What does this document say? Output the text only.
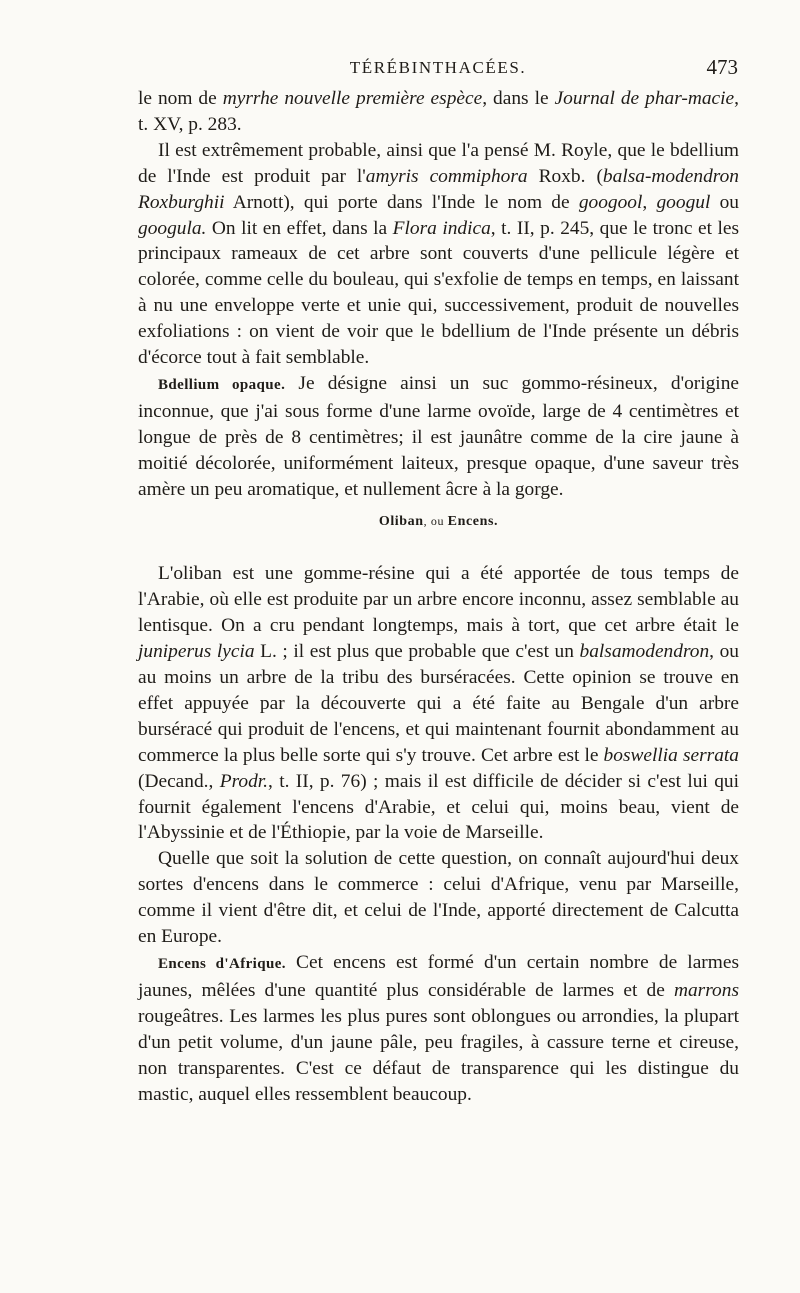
TÉRÉBINTHACÉES.	473

le nom de myrrhe nouvelle première espèce, dans le Journal de phar-macie, t. XV, p. 283.

Il est extrêmement probable, ainsi que l'a pensé M. Royle, que le bdellium de l'Inde est produit par l'amyris commiphora Roxb. (balsa-modendron Roxburghii Arnott), qui porte dans l'Inde le nom de googool, googul ou googula. On lit en effet, dans la Flora indica, t. II, p. 245, que le tronc et les principaux rameaux de cet arbre sont couverts d'une pellicule légère et colorée, comme celle du bouleau, qui s'exfolie de temps en temps, en laissant à nu une enveloppe verte et unie qui, successivement, produit de nouvelles exfoliations : on vient de voir que le bdellium de l'Inde présente un débris d'écorce tout à fait semblable.

Bdellium opaque. Je désigne ainsi un suc gommo-résineux, d'origine inconnue, que j'ai sous forme d'une larme ovoïde, large de 4 centimètres et longue de près de 8 centimètres; il est jaunâtre comme de la cire jaune à moitié décolorée, uniformément laiteux, presque opaque, d'une saveur très amère un peu aromatique, et nullement âcre à la gorge.

Oliban, ou Encens.

L'oliban est une gomme-résine qui a été apportée de tous temps de l'Arabie, où elle est produite par un arbre encore inconnu, assez semblable au lentisque. On a cru pendant longtemps, mais à tort, que cet arbre était le juniperus lycia L. ; il est plus que probable que c'est un balsamodendron, ou au moins un arbre de la tribu des burséracées. Cette opinion se trouve en effet appuyée par la découverte qui a été faite au Bengale d'un arbre burséracé qui produit de l'encens, et qui maintenant fournit abondamment au commerce la plus belle sorte qui s'y trouve. Cet arbre est le boswellia serrata (Decand., Prodr., t. II, p. 76) ; mais il est difficile de décider si c'est lui qui fournit également l'encens d'Arabie, et celui qui, moins beau, vient de l'Abyssinie et de l'Éthiopie, par la voie de Marseille.

Quelle que soit la solution de cette question, on connaît aujourd'hui deux sortes d'encens dans le commerce : celui d'Afrique, venu par Marseille, comme il vient d'être dit, et celui de l'Inde, apporté directement de Calcutta en Europe.

Encens d'Afrique. Cet encens est formé d'un certain nombre de larmes jaunes, mêlées d'une quantité plus considérable de larmes et de marrons rougeâtres. Les larmes les plus pures sont oblongues ou arrondies, la plupart d'un petit volume, d'un jaune pâle, peu fragiles, à cassure terne et cireuse, non transparentes. C'est ce défaut de transparence qui les distingue du mastic, auquel elles ressemblent beaucoup.
